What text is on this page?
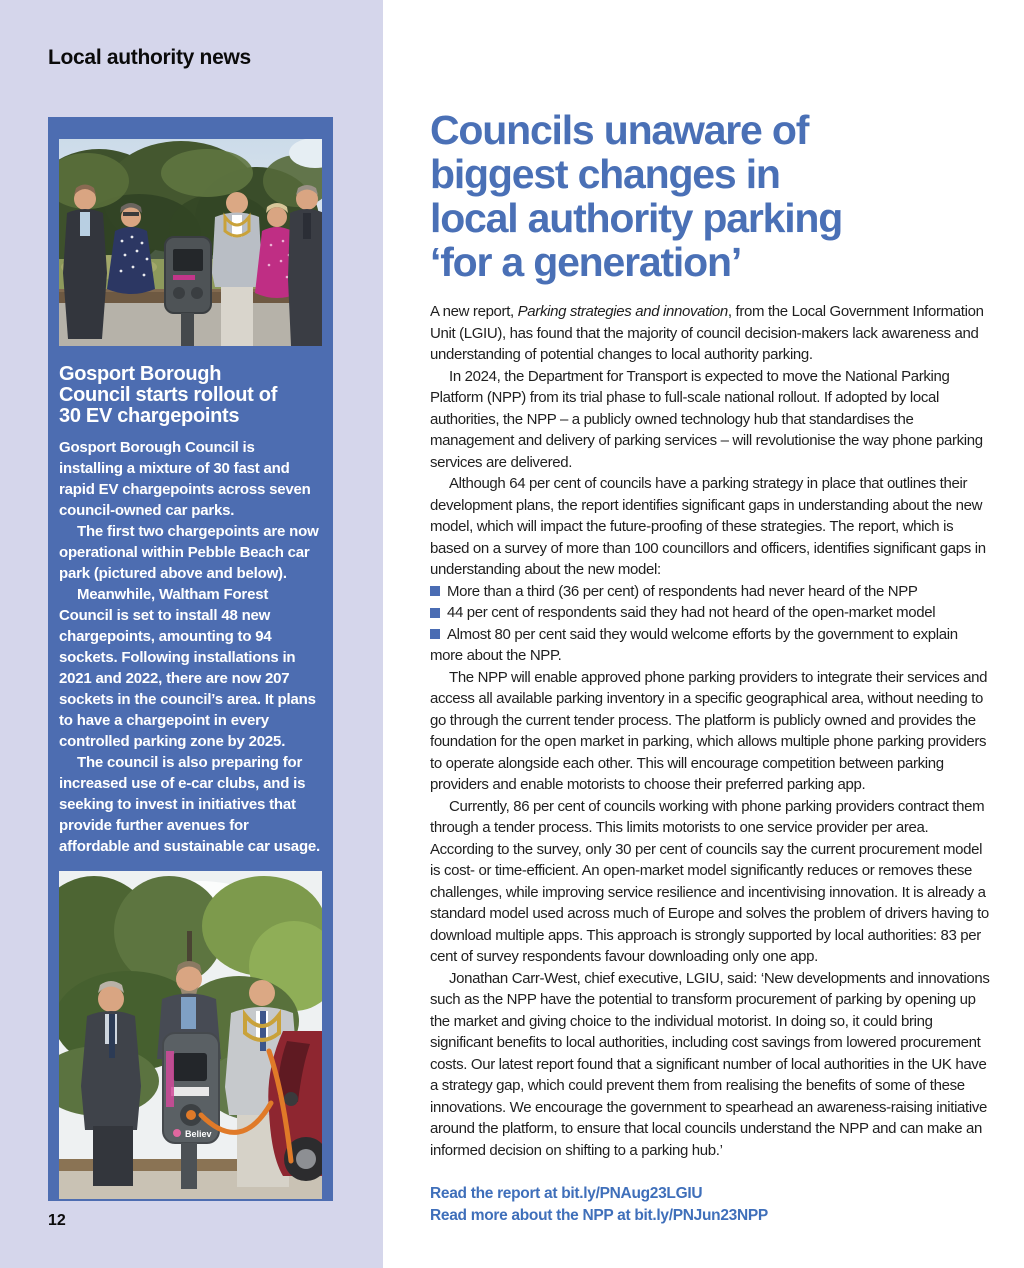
Local authority news
Gosport Borough
Council starts rollout of
30 EV chargepoints

Gosport Borough Council is installing a mixture of 30 fast and rapid EV chargepoints across seven council-owned car parks.

The first two chargepoints are now operational within Pebble Beach car park (pictured above and below).

Meanwhile, Waltham Forest Council is set to install 48 new chargepoints, amounting to 94 sockets. Following installations in 2021 and 2022, there are now 207 sockets in the council’s area. It plans to have a chargepoint in every controlled parking zone by 2025.

The council is also preparing for increased use of e-car clubs, and is seeking to invest in initiatives that provide further avenues for affordable and sustainable car usage.

Believ
12
Councils unaware of
biggest changes in
local authority parking
‘for a generation’

A new report, Parking strategies and innovation, from the Local Government Information Unit (LGIU), has found that the majority of council decision-makers lack awareness and understanding of potential changes to local authority parking.

In 2024, the Department for Transport is expected to move the National Parking Platform (NPP) from its trial phase to full-scale national rollout. If adopted by local authorities, the NPP – a publicly owned technology hub that standardises the management and delivery of parking services – will revolutionise the way phone parking services are delivered.

Although 64 per cent of councils have a parking strategy in place that outlines their development plans, the report identifies significant gaps in understanding about the new model, which will impact the future-proofing of these strategies. The report, which is based on a survey of more than 100 councillors and officers, identifies significant gaps in understanding about the new model:

More than a third (36 per cent) of respondents had never heard of the NPP
44 per cent of respondents said they had not heard of the open-market model
Almost 80 per cent said they would welcome efforts by the government to explain more about the NPP.

The NPP will enable approved phone parking providers to integrate their services and access all available parking inventory in a specific geographical area, without needing to go through the current tender process. The platform is publicly owned and provides the foundation for the open market in parking, which allows multiple phone parking providers to operate alongside each other. This will encourage competition between parking providers and enable motorists to choose their preferred parking app.

Currently, 86 per cent of councils working with phone parking providers contract them through a tender process. This limits motorists to one service provider per area. According to the survey, only 30 per cent of councils say the current procurement model is cost- or time-efficient. An open-market model significantly reduces or removes these challenges, while improving service resilience and incentivising innovation. It is already a standard model used across much of Europe and solves the problem of drivers having to download multiple apps. This approach is strongly supported by local authorities: 83 per cent of survey respondents favour downloading only one app.

Jonathan Carr-West, chief executive, LGIU, said: ‘New developments and innovations such as the NPP have the potential to transform procurement of parking by opening up the market and giving choice to the individual motorist. In doing so, it could bring significant benefits to local authorities, including cost savings from lowered procurement costs. Our latest report found that a significant number of local authorities in the UK have a strategy gap, which could prevent them from realising the benefits of some of these innovations. We encourage the government to spearhead an awareness-raising initiative around the platform, to ensure that local councils understand the NPP and can make an informed decision on shifting to a parking hub.’

Read the report at bit.ly/PNAug23LGIU
Read more about the NPP at bit.ly/PNJun23NPP
